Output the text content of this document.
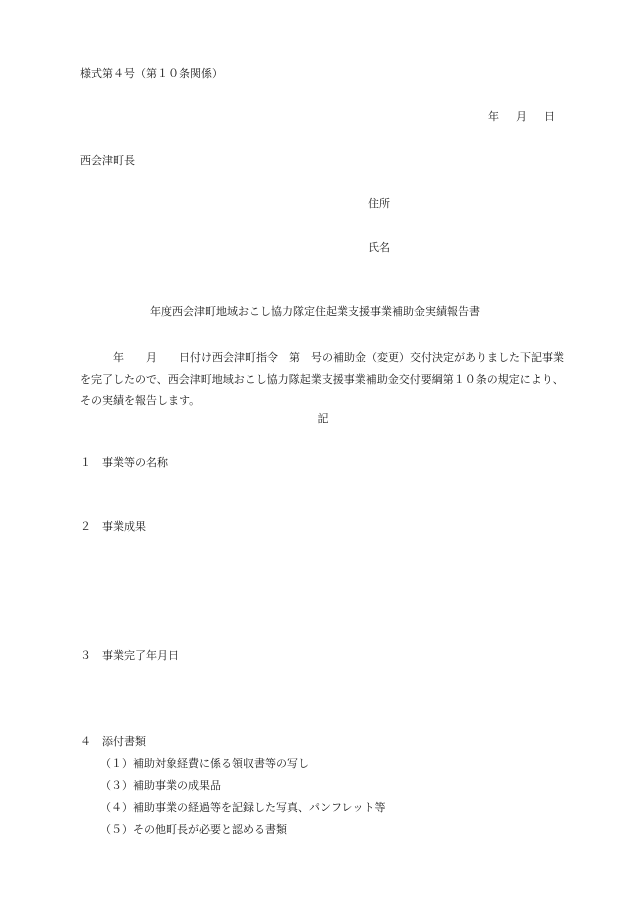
様式第４号（第１０条関係）
年 月 日
西会津町長
住所
氏名
年度西会津町地域おこし協力隊定住起業支援事業補助金実績報告書
　　　年　　月　　日付け西会津町指令　第　号の補助金（変更）交付決定がありました下記事業
を完了したので、西会津町地域おこし協力隊起業支援事業補助金交付要綱第１０条の規定により、
その実績を報告します。
記
１ 事業等の名称
２ 事業成果
３ 事業完了年月日
４ 添付書類
（１）補助対象経費に係る領収書等の写し
（３）補助事業の成果品
（４）補助事業の経過等を記録した写真、パンフレット等
（５）その他町長が必要と認める書類
